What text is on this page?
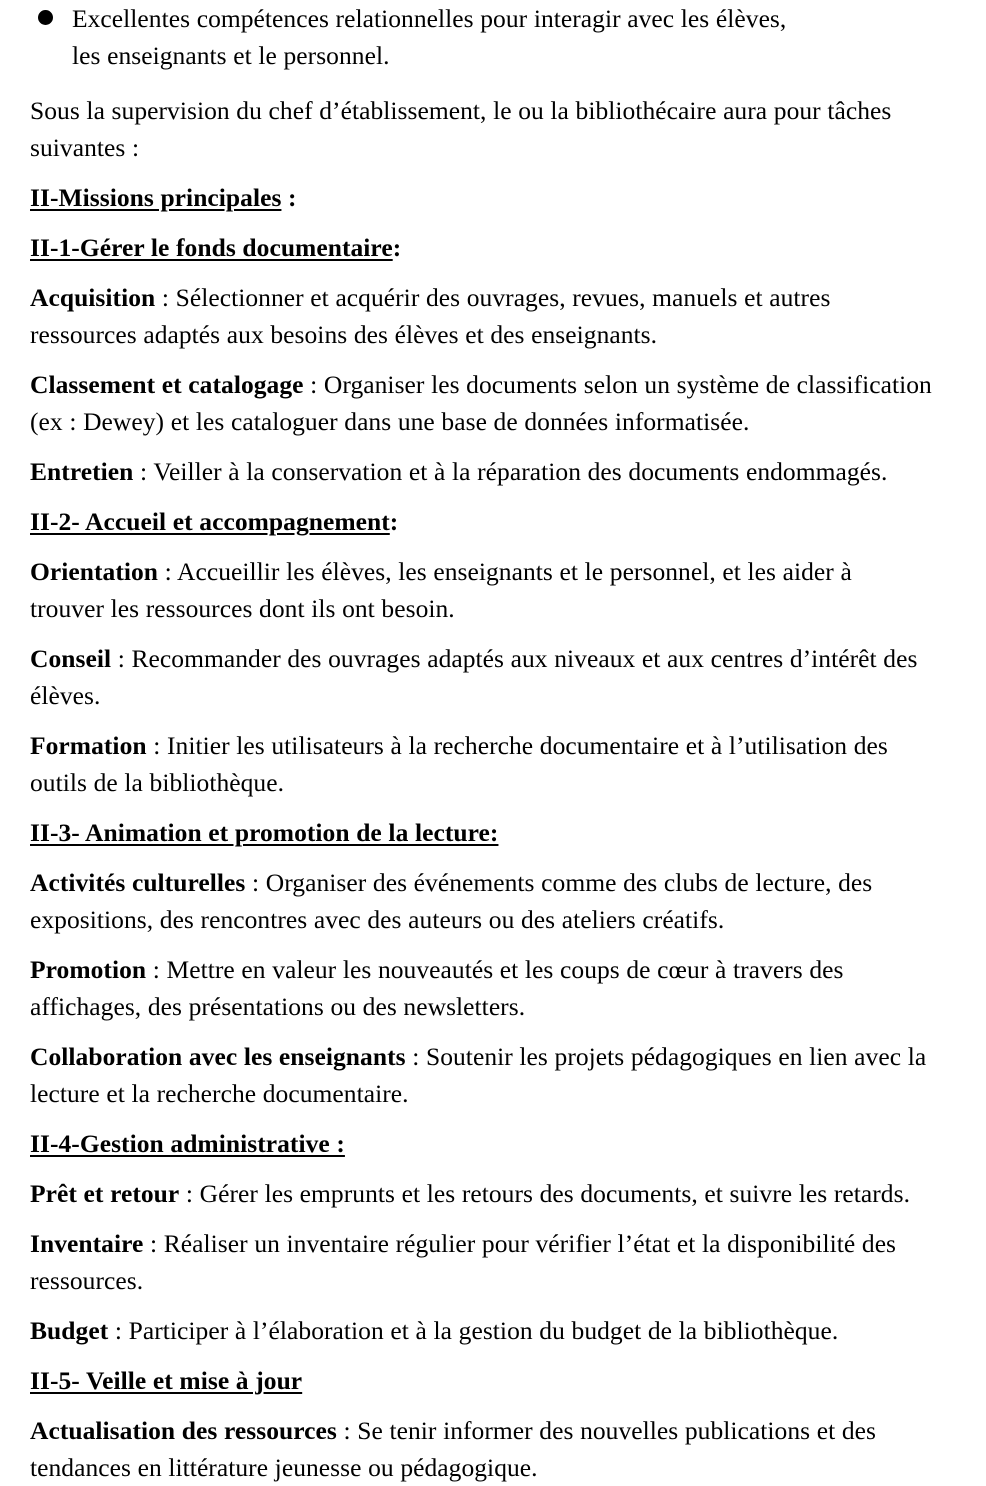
Excellentes compétences relationnelles pour interagir avec les élèves, les enseignants et le personnel.

Sous la supervision du chef d’établissement, le ou la bibliothécaire aura pour tâches suivantes :

II-Missions principales :

II-1-Gérer le fonds documentaire:

Acquisition : Sélectionner et acquérir des ouvrages, revues, manuels et autres ressources adaptés aux besoins des élèves et des enseignants.

Classement et catalogage : Organiser les documents selon un système de classification (ex : Dewey) et les cataloguer dans une base de données informatisée.

Entretien : Veiller à la conservation et à la réparation des documents endommagés.

II-2- Accueil et accompagnement:

Orientation : Accueillir les élèves, les enseignants et le personnel, et les aider à trouver les ressources dont ils ont besoin.

Conseil : Recommander des ouvrages adaptés aux niveaux et aux centres d’intérêt des élèves.

Formation : Initier les utilisateurs à la recherche documentaire et à l’utilisation des outils de la bibliothèque.

II-3- Animation et promotion de la lecture:

Activités culturelles : Organiser des événements comme des clubs de lecture, des expositions, des rencontres avec des auteurs ou des ateliers créatifs.

Promotion : Mettre en valeur les nouveautés et les coups de cœur à travers des affichages, des présentations ou des newsletters.

Collaboration avec les enseignants : Soutenir les projets pédagogiques en lien avec la lecture et la recherche documentaire.

II-4-Gestion administrative :

Prêt et retour : Gérer les emprunts et les retours des documents, et suivre les retards.

Inventaire : Réaliser un inventaire régulier pour vérifier l’état et la disponibilité des ressources.

Budget : Participer à l’élaboration et à la gestion du budget de la bibliothèque.

II-5- Veille et mise à jour

Actualisation des ressources : Se tenir informer des nouvelles publications et des tendances en littérature jeunesse ou pédagogique.
